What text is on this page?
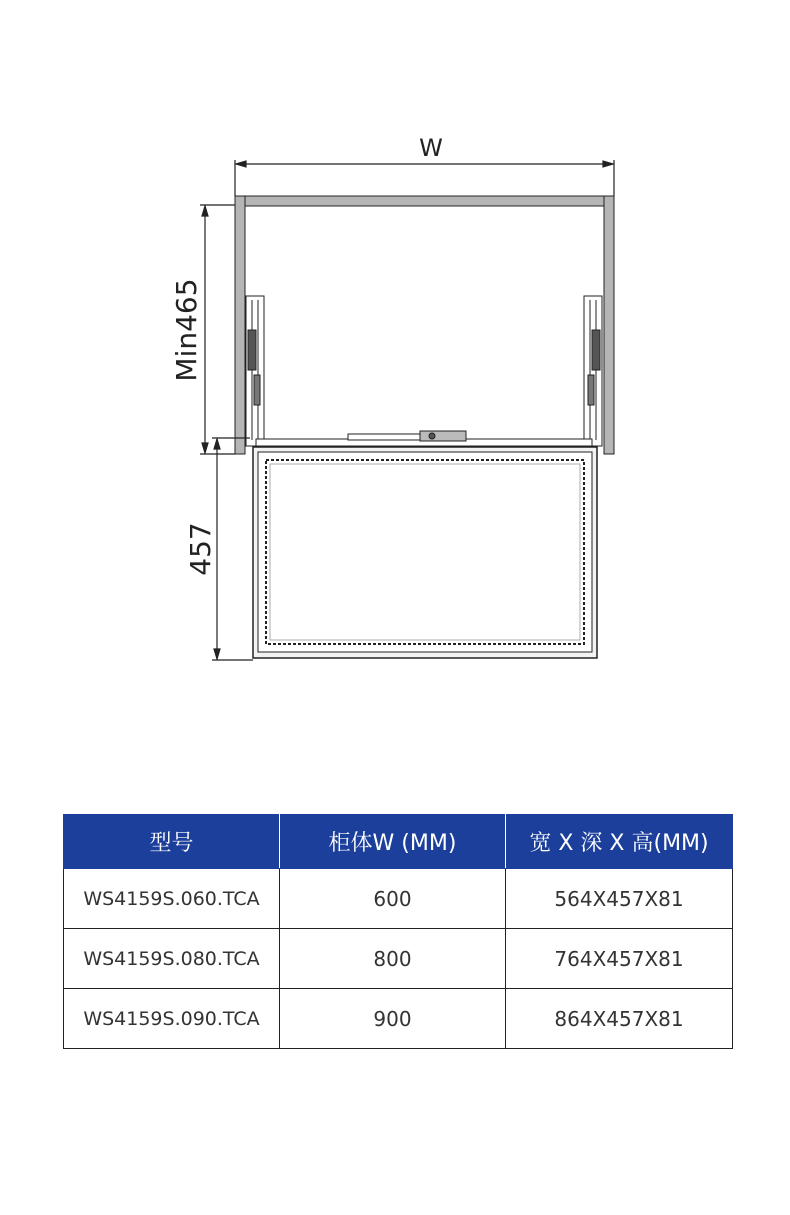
W
Min465
457
型号	柜体W (MM)	宽 X 深 X 高(MM)
WS4159S.060.TCA	600	564X457X81
WS4159S.080.TCA	800	764X457X81
WS4159S.090.TCA	900	864X457X81
